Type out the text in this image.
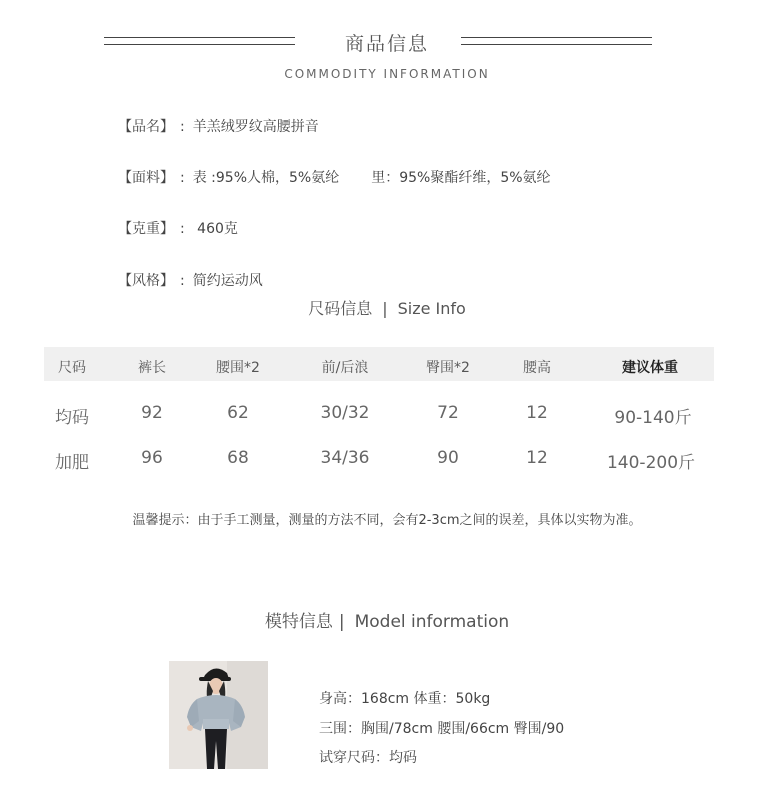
商品信息
COMMODITY INFORMATION
【品名】 : 羊羔绒罗纹高腰拼音
【面料】 : 表 :95%人棉，5%氨纶 里：95%聚酯纤维，5%氨纶
【克重】 : 460克
【风格】 : 简约运动风
尺码信息 | Size Info
尺码	裤长	腰围*2	前/后浪	臀围*2	腰高	建议体重
均码	92	62	30/32	72	12	90-140斤
加肥	96	68	34/36	90	12	140-200斤
温馨提示：由于手工测量，测量的方法不同，会有2-3cm之间的误差，具体以实物为准。
模特信息 | Model information
身高：168cm 体重：50kg
三围：胸围/78cm 腰围/66cm 臀围/90
试穿尺码：均码
